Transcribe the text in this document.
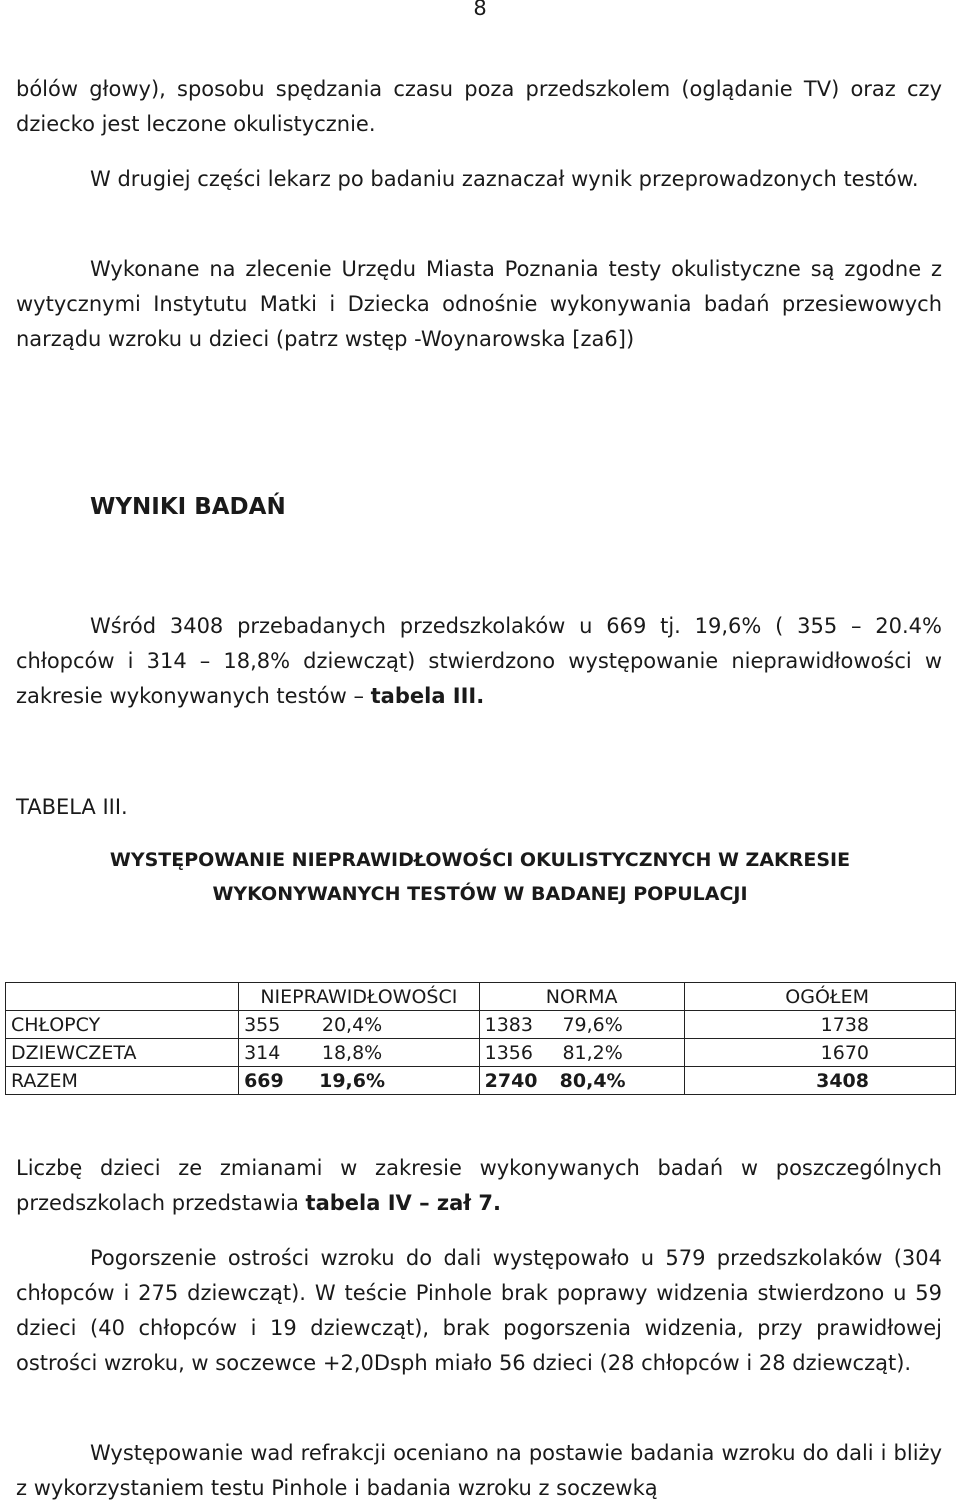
8

bólów głowy), sposobu spędzania czasu poza przedszkolem (oglądanie TV) oraz czy dziecko jest leczone okulistycznie.

W drugiej części lekarz po badaniu zaznaczał wynik przeprowadzonych testów.

Wykonane na zlecenie Urzędu Miasta Poznania testy okulistyczne są zgodne z wytycznymi Instytutu Matki i Dziecka odnośnie wykonywania badań przesiewowych narządu wzroku u dzieci (patrz wstęp -Woynarowska [za6])

WYNIKI BADAŃ

Wśród 3408 przebadanych przedszkolaków u 669 tj. 19,6% ( 355 – 20.4% chłopców i 314 – 18,8% dziewcząt) stwierdzono występowanie nieprawidłowości w zakresie wykonywanych testów – tabela III.

TABELA III.

WYSTĘPOWANIE NIEPRAWIDŁOWOŚCI OKULISTYCZNYCH W ZAKRESIE

WYKONYWANYCH TESTÓW W BADANEJ POPULACJI

	NIEPRAWIDŁOWOŚCI	NORMA	OGÓŁEM
CHŁOPCY	355 20,4%	1383 79,6%	1738
DZIEWCZETA	314 18,8%	1356 81,2%	1670
RAZEM	669 19,6%	2740 80,4%	3408

Liczbę dzieci ze zmianami w zakresie wykonywanych badań w poszczególnych przedszkolach przedstawia tabela IV – zał 7.

Pogorszenie ostrości wzroku do dali występowało u 579 przedszkolaków (304 chłopców i 275 dziewcząt). W teście Pinhole brak poprawy widzenia stwierdzono u 59 dzieci (40 chłopców i 19 dziewcząt), brak pogorszenia widzenia, przy prawidłowej ostrości wzroku, w soczewce +2,0Dsph miało 56 dzieci (28 chłopców i 28 dziewcząt).

Występowanie wad refrakcji oceniano na postawie badania wzroku do dali i bliży z wykorzystaniem testu Pinhole i badania wzroku z soczewką
